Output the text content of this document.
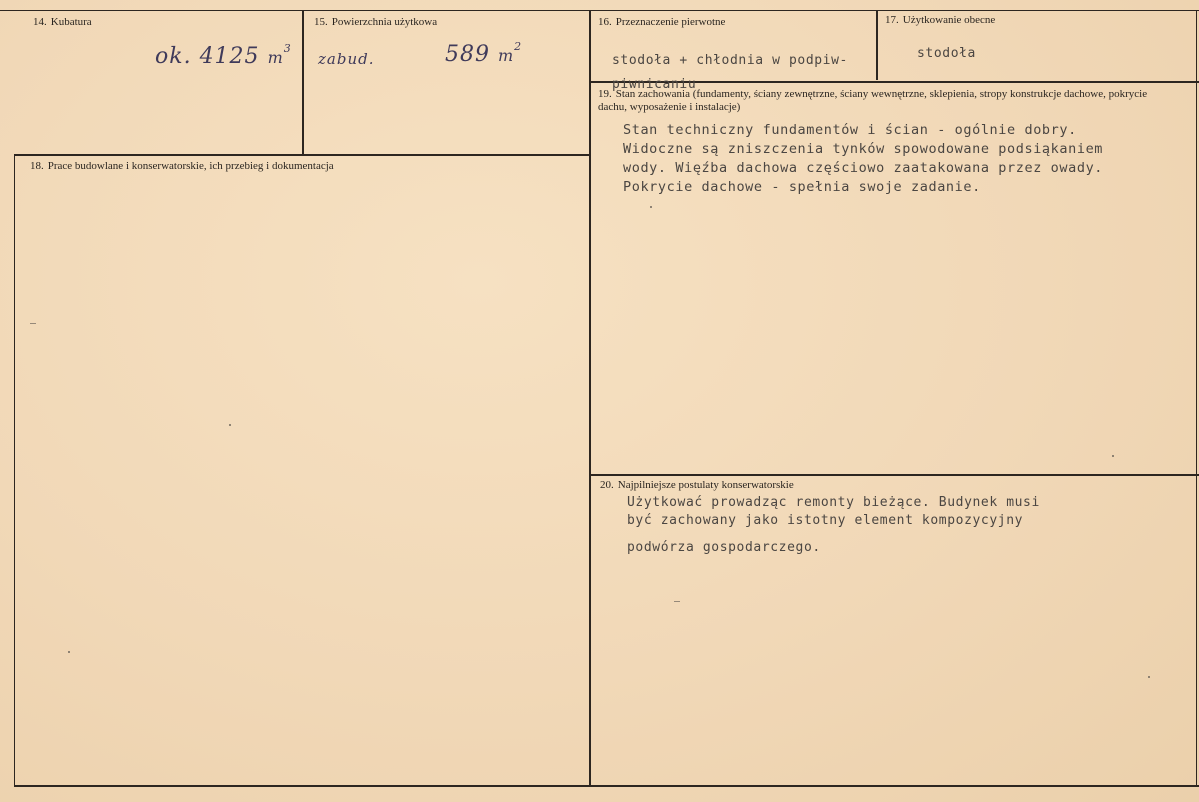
14. Kubatura
ok. 4125 $m^3$
15. Powierzchnia użytkowa
zabud.	589 $m^2$
16. Przeznaczenie pierwotne
stodoła + chłodnia w podpiw-
piwnicaniu
17. Użytkowanie obecne
stodoła
18. Prace budowlane i konserwatorskie, ich przebieg i dokumentacja
19. Stan zachowania (fundamenty, ściany zewnętrzne, ściany wewnętrzne, sklepienia, stropy konstrukcje dachowe, pokrycie dachu, wyposażenie i instalacje)
Stan techniczny fundamentów i ścian - ogólnie dobry.
Widoczne są zniszczenia tynków spowodowane podsiąkaniem
wody. Więźba dachowa częściowo zaatakowana przez owady.
Pokrycie dachowe - spełnia swoje zadanie.
20. Najpilniejsze postulaty konserwatorskie
Użytkować prowadząc remonty bieżące. Budynek musi
być zachowany jako istotny element kompozycyjny
podwórza gospodarczego.
